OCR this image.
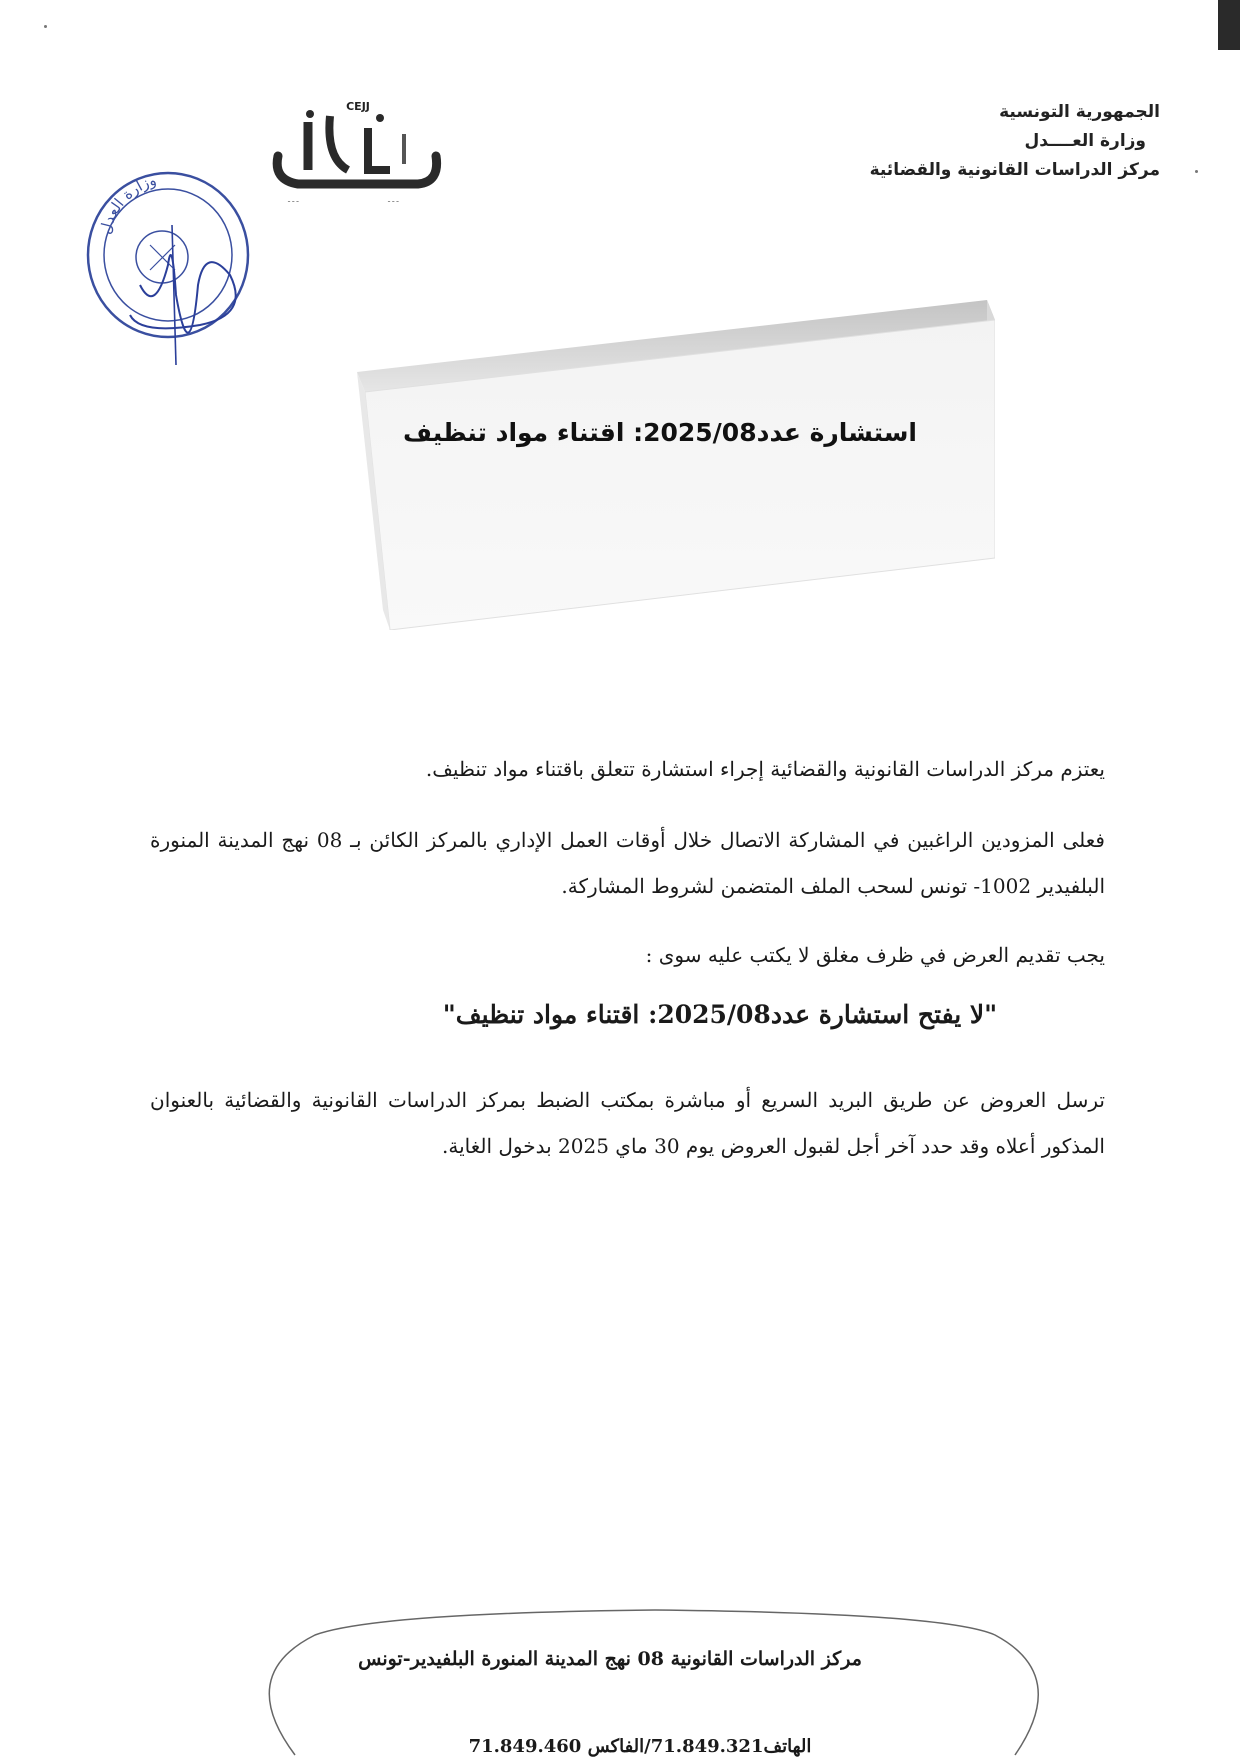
الجمهورية التونسية
وزارة العــــدل
مركز الدراسات القانونية والقضائية
CEJJ
ـ ـ ـ	ـ ـ ـ
وزارة العدل
استشارة عدد2025/08: اقتناء مواد تنظيف
يعتزم مركز الدراسات القانونية والقضائية إجراء استشارة تتعلق باقتناء مواد تنظيف.
فعلى المزودين الراغبين في المشاركة الاتصال خلال أوقات العمل الإداري بالمركز الكائن بـ 08 نهج المدينة المنورة البلفيدير 1002- تونس لسحب الملف المتضمن لشروط المشاركة.
يجب تقديم العرض في ظرف مغلق لا يكتب عليه سوى :
"لا يفتح استشارة عدد2025/08: اقتناء مواد تنظيف"
ترسل العروض عن طريق البريد السريع أو مباشرة بمكتب الضبط بمركز الدراسات القانونية والقضائية بالعنوان المذكور أعلاه وقد حدد آخر أجل لقبول العروض يوم 30 ماي 2025 بدخول الغاية.
مركز الدراسات القانونية 08 نهج المدينة المنورة البلفيدير-تونس
الهاتف71.849.321/الفاكس 71.849.460
